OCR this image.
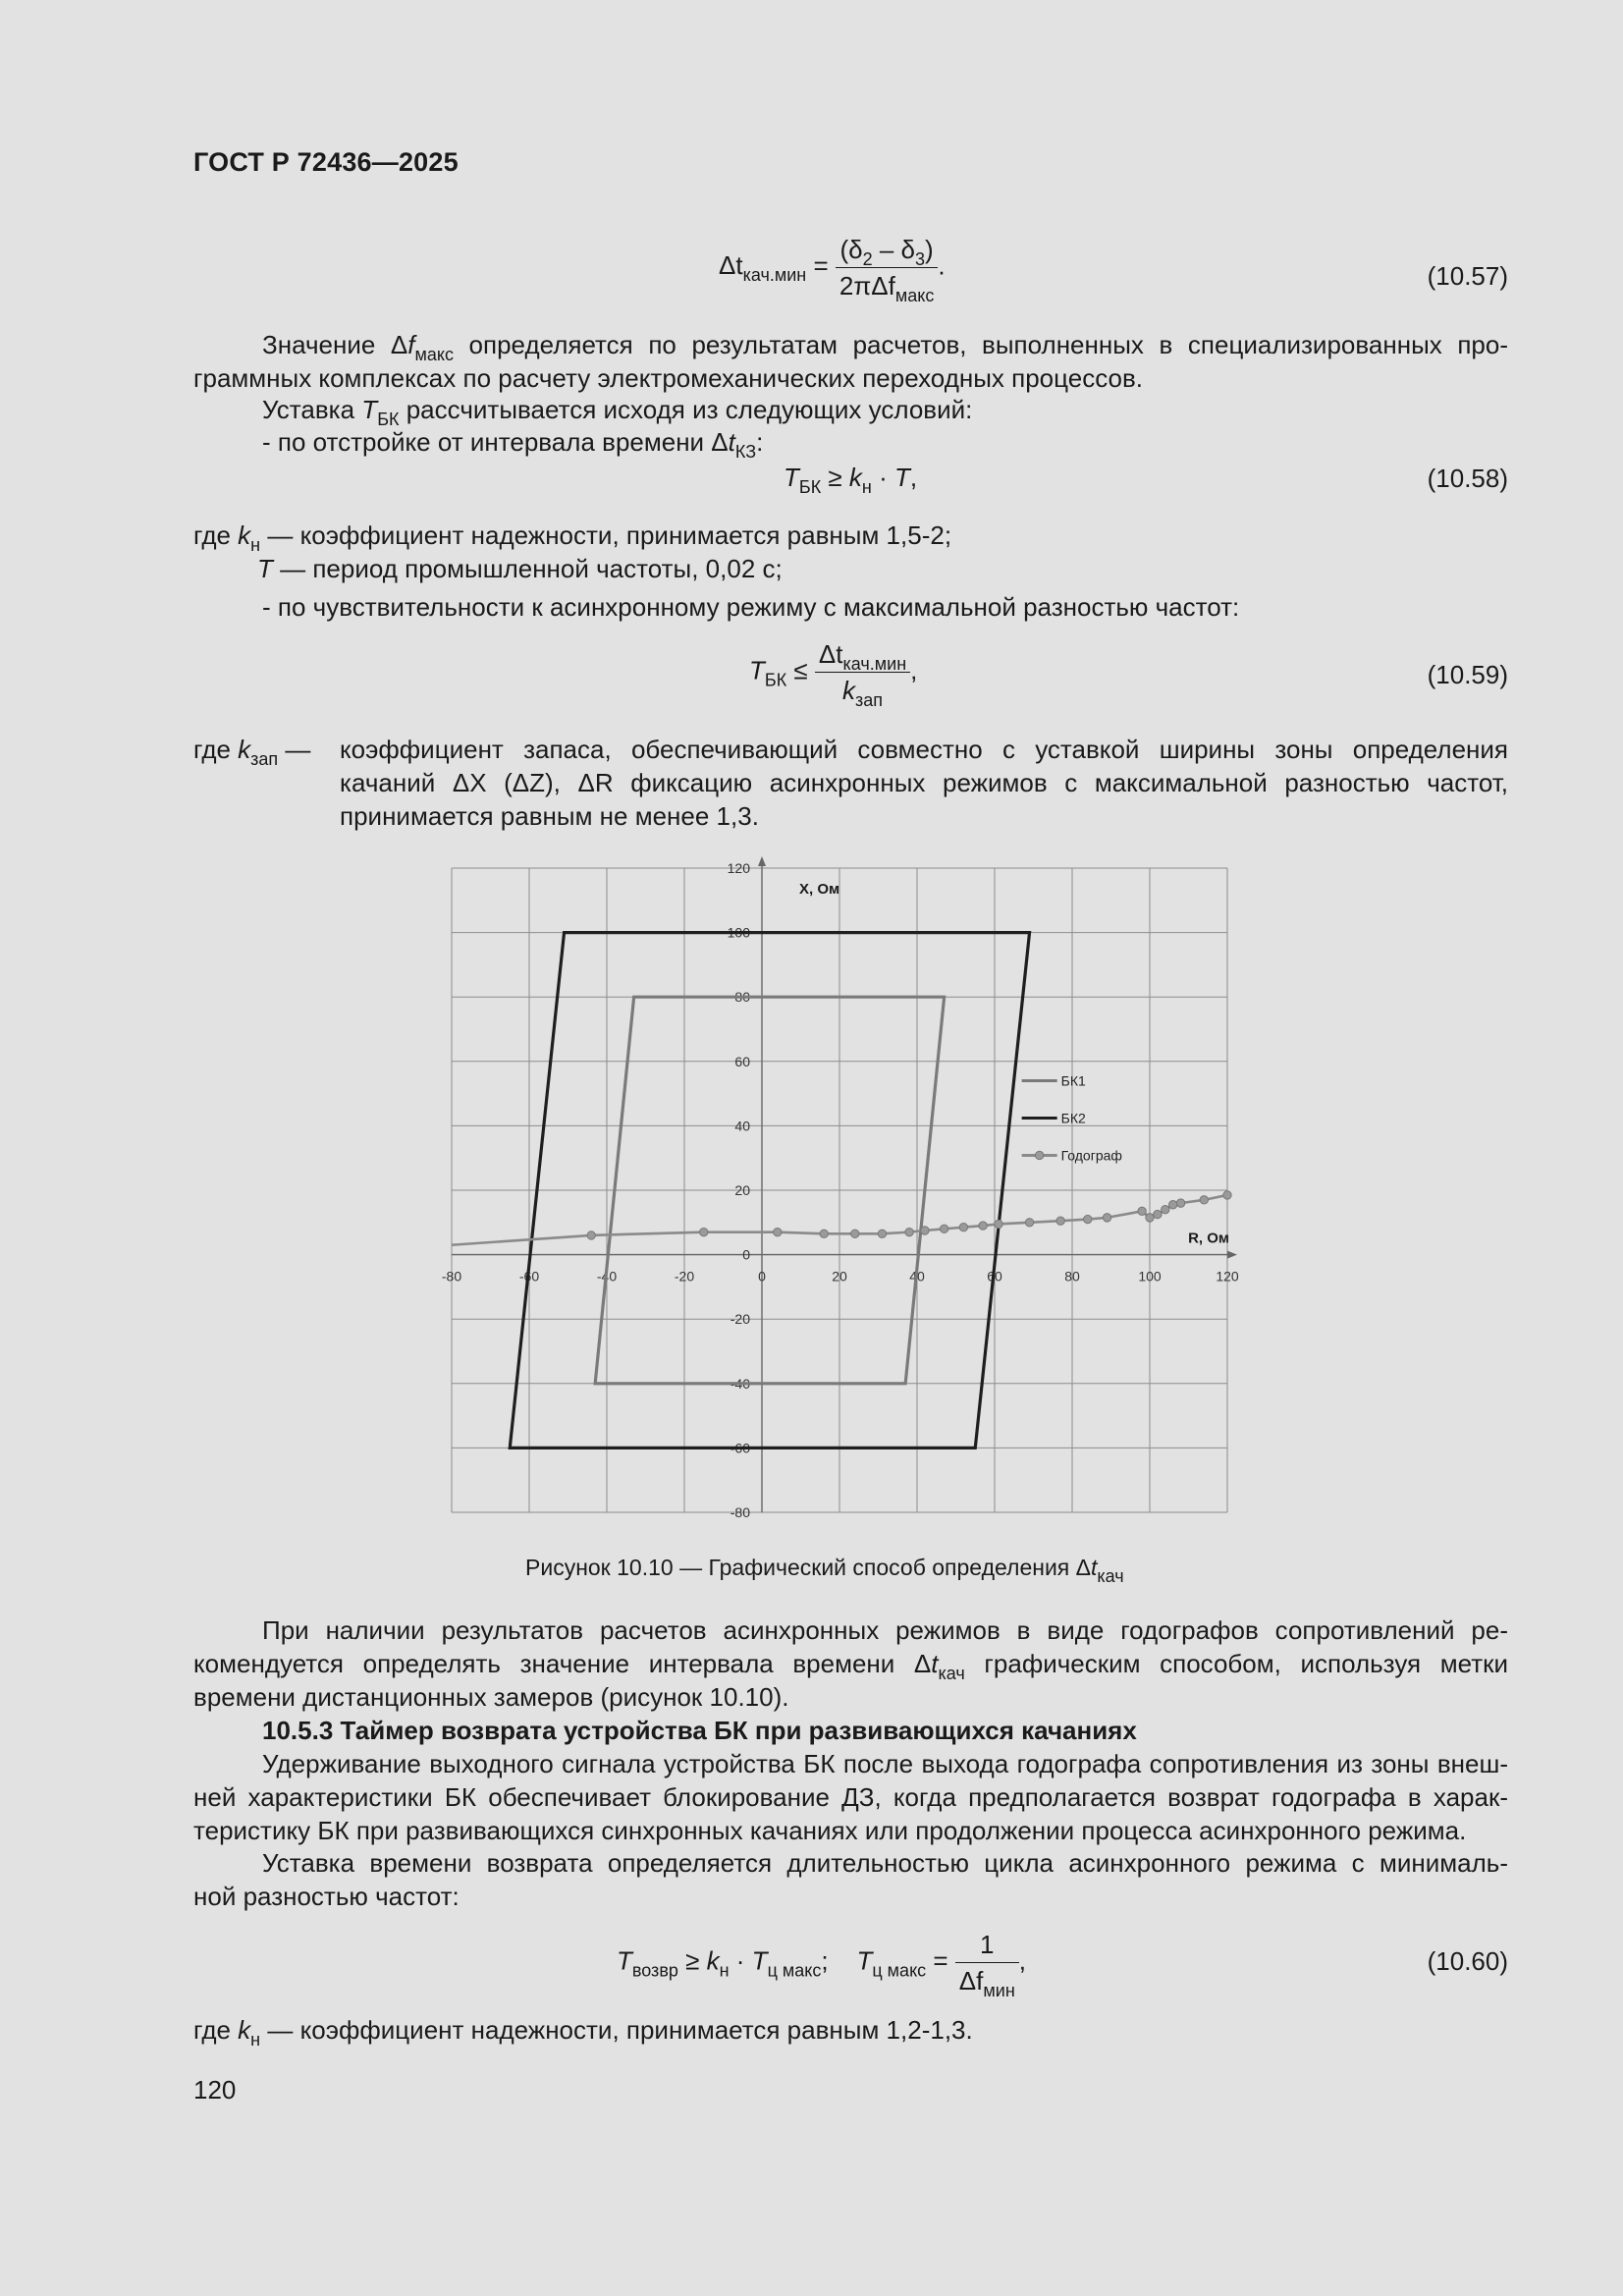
ГОСТ Р 72436—2025
$\Delta t_{кач.мин} = \frac{(\delta_2 - \delta_3)}{2\pi\Delta f_{макс}}$ .	(10.57)
Значение $\Delta f_{макс}$ определяется по результатам расчетов, выполненных в специализированных про-
граммных комплексах по расчету электромеханических переходных процессов.
Уставка $T_{БК}$ рассчитывается исходя из следующих условий:
- по отстройке от интервала времени $\Delta t_{КЗ}$:
$T_{БК} \ge k_н \cdot T$,	(10.58)
где $k_н$ — коэффициент надежности, принимается равным 1,5-2;
T — период промышленной частоты, 0,02 с;
- по чувствительности к асинхронному режиму с максимальной разностью частот:
$T_{БК} \le \frac{\Delta t_{кач.мин}}{k_{зап}}$ ,	(10.59)
где $k_{зап}$ — коэффициент запаса, обеспечивающий совместно с уставкой ширины зоны определения
качаний ΔX (ΔZ), ΔR фиксацию асинхронных режимов с максимальной разностью частот,
принимается равным не менее 1,3.
-80	-60	-40	-20	0	20	40	60	80	100	120
120
100
80
60
40
20
0
-20
-40
-60
-80
БК1
БК2
Годограф
R, Ом
X, Ом
Рисунок 10.10 — Графический способ определения $\Delta t_{кач}$
При наличии результатов расчетов асинхронных режимов в виде годографов сопротивлений ре-
комендуется определять значение интервала времени $\Delta t_{кач}$ графическим способом, используя метки
времени дистанционных замеров (рисунок 10.10).
10.5.3 Таймер возврата устройства БК при развивающихся качаниях
Удерживание выходного сигнала устройства БК после выхода годографа сопротивления из зоны внеш-
ней характеристики БК обеспечивает блокирование ДЗ, когда предполагается возврат годографа в харак-
теристику БК при развивающихся синхронных качаниях или продолжении процесса асинхронного режима.
Уставка времени возврата определяется длительностью цикла асинхронного режима с минималь-
ной разностью частот:
$T_{возвр} \ge k_н \cdot T_{ц макс}$; $T_{ц макс} = \frac{1}{\Delta f_{мин}}$ ,	(10.60)
где $k_н$ — коэффициент надежности, принимается равным 1,2-1,3.
120
